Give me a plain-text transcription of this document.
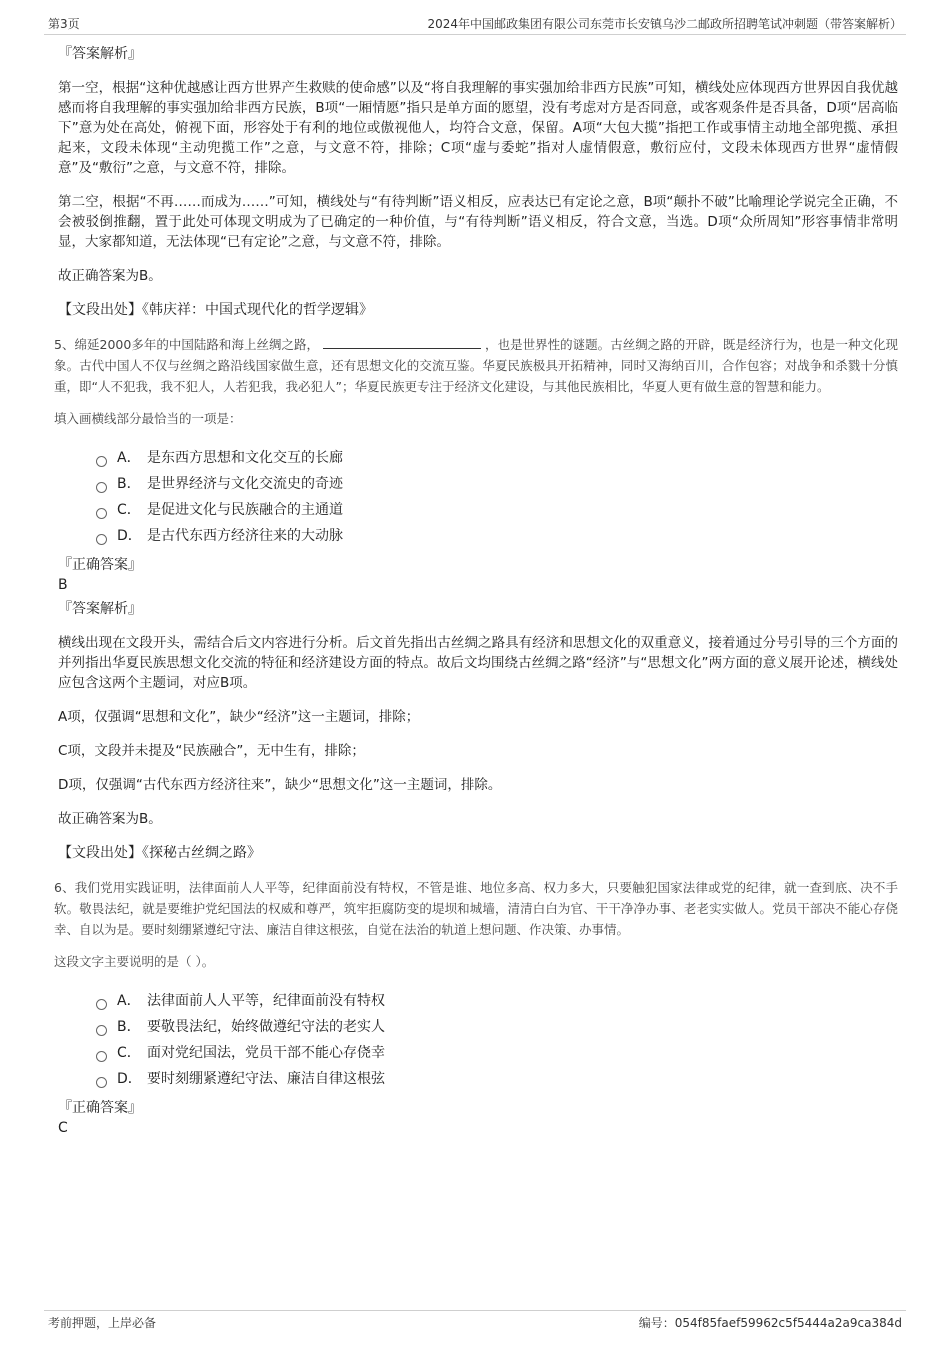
第3页	2024年中国邮政集团有限公司东莞市长安镇乌沙二邮政所招聘笔试冲刺题（带答案解析）
『答案解析』

第一空，根据“这种优越感让西方世界产生救赎的使命感”以及“将自我理解的事实强加给非西方民族”可知，横线处应体现西方世界因自我优越感而将自我理解的事实强加给非西方民族，B项“一厢情愿”指只是单方面的愿望，没有考虑对方是否同意，或客观条件是否具备，D项“居高临下”意为处在高处，俯视下面，形容处于有利的地位或傲视他人，均符合文意，保留。A项“大包大揽”指把工作或事情主动地全部兜揽、承担起来，文段未体现“主动兜揽工作”之意，与文意不符，排除；C项“虚与委蛇”指对人虚情假意，敷衍应付，文段未体现西方世界“虚情假意”及“敷衍”之意，与文意不符，排除。

第二空，根据“不再……而成为……”可知，横线处与“有待判断”语义相反，应表达已有定论之意，B项“颠扑不破”比喻理论学说完全正确，不会被驳倒推翻，置于此处可体现文明成为了已确定的一种价值，与“有待判断”语义相反，符合文意，当选。D项“众所周知”形容事情非常明显，大家都知道，无法体现“已有定论”之意，与文意不符，排除。

故正确答案为B。

【文段出处】《韩庆祥：中国式现代化的哲学逻辑》
5、绵延2000多年的中国陆路和海上丝绸之路，	，也是世界性的谜题。古丝绸之路的开辟，既是经济行为，也是一种文化现象。古代中国人不仅与丝绸之路沿线国家做生意，还有思想文化的交流互鉴。华夏民族极具开拓精神，同时又海纳百川，合作包容；对战争和杀戮十分慎重，即“人不犯我，我不犯人，人若犯我，我必犯人”；华夏民族更专注于经济文化建设，与其他民族相比，华夏人更有做生意的智慧和能力。
填入画横线部分最恰当的一项是：
A． 是东西方思想和文化交互的长廊
B． 是世界经济与文化交流史的奇迹
C． 是促进文化与民族融合的主通道
D． 是古代东西方经济往来的大动脉
『正确答案』
B
『答案解析』

横线出现在文段开头，需结合后文内容进行分析。后文首先指出古丝绸之路具有经济和思想文化的双重意义，接着通过分号引导的三个方面的并列指出华夏民族思想文化交流的特征和经济建设方面的特点。故后文均围绕古丝绸之路“经济”与“思想文化”两方面的意义展开论述，横线处应包含这两个主题词，对应B项。

A项，仅强调“思想和文化”，缺少“经济”这一主题词，排除；

C项，文段并未提及“民族融合”，无中生有，排除；

D项，仅强调“古代东西方经济往来”，缺少“思想文化”这一主题词，排除。

故正确答案为B。

【文段出处】《探秘古丝绸之路》
6、我们党用实践证明，法律面前人人平等，纪律面前没有特权，不管是谁、地位多高、权力多大，只要触犯国家法律或党的纪律，就一查到底、决不手软。敬畏法纪，就是要维护党纪国法的权威和尊严，筑牢拒腐防变的堤坝和城墙，清清白白为官、干干净净办事、老老实实做人。党员干部决不能心存侥幸、自以为是。要时刻绷紧遵纪守法、廉洁自律这根弦，自觉在法治的轨道上想问题、作决策、办事情。
这段文字主要说明的是（ ）。
A． 法律面前人人平等，纪律面前没有特权
B． 要敬畏法纪，始终做遵纪守法的老实人
C． 面对党纪国法，党员干部不能心存侥幸
D． 要时刻绷紧遵纪守法、廉洁自律这根弦
『正确答案』
C
考前押题，上岸必备	编号：054f85faef59962c5f5444a2a9ca384d
